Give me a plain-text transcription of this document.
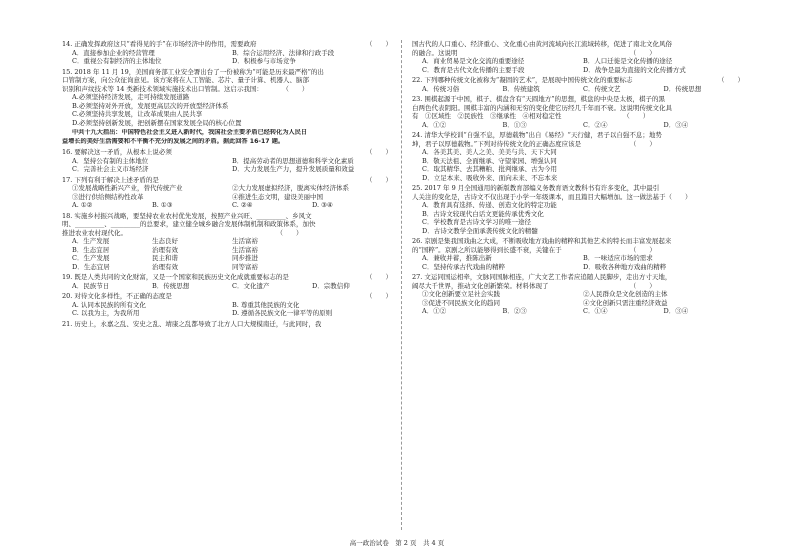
14. 正确发挥政府这只“看得见的手”在市场经济中的作用，需要政府	（　　）
A．直接参加企业的经营管理	B．综合运用经济、法律和行政手段
C．重视公有制经济的主体地位	D．积极参与市场竞争
15. 2018 年 11 月 19，美国商务部工业安全署出台了一份被称为“可能是历来最严格”的出
口管制方案，向公众征询意见。该方案将在人工智能、芯片、量子计算、机器人、脑部
识别和声纹技术等 14 类新技术领域实施技术出口管制。这启示我国：　　　　（　　）
A.必须坚持经济发展，走可持续发展道路
B.必须坚持对外开放，发展更高层次的开放型经济体系
C.必须坚持共享发展，让改革成果由人民共享
D.必须坚持创新发展，把创新摆在国家发展全局的核心位置
中共十九大指出：中国特色社会主义进入新时代，我国社会主要矛盾已经转化为人民日
益增长的美好生活需要和不平衡不充分的发展之间的矛盾。据此回答 16-17 题。
16. 要解决这一矛盾，从根本上说必须	（　　）
A．坚持公有制的主体地位	B．提高劳动者的思想道德和科学文化素质
C．完善社会主义市场经济	D．大力发展生产力，提升发展质量和效益
17. 下列有利于解决上述矛盾的是	（　　）
①发展战略性新兴产业，替代传统产业	②大力发展虚拟经济，脱离实体经济体系
③进行供给侧结构性改革	④推进生态文明，建设美丽中国
A. ①②	B. ①③	C. ②④	D. ③④
18. 实施乡村振兴战略，要坚持农业农村优先发展，按照产业兴旺、_________、乡风文
明、_________、_________的总要求，建立健全城乡融合发展体制机制和政策体系，加快
推进农业农村现代化。　　　　　　　　　　　　　　　　　　　　　　　　（　　）
A．生产发展	生态良好	生活富裕
B．生态宜居	治理有效	生活富裕
C．生产发展	民主和谐	同步推进
D．生态宜居	治理有效	同等富裕
19. 既是人类共同的文化财富，又是一个国家和民族历史文化成就重要标志的是	（　　）
A．民族节日	B．传统思想	C．文化遗产	D．宗教信仰
20. 对待文化多样性，不正确的态度是	（　　）
A. 认同本民族的所有文化	B. 尊重其他民族的文化
C. 以我为主，为我所用	D. 遵循各民族文化一律平等的原则
21. 历史上，永嘉之乱、安史之乱、靖康之乱都导致了北方人口大规模南迁，与此同时，我
国古代的人口重心、经济重心、文化重心由黄河流域向长江流域转移，促进了南北文化风俗
的融合。这说明　　　　　　　　　　　　　　　　　　　　　　　　　　　（　　）
A．商业贸易是文化交流的重要途径	B．人口迁徙是文化传播的途径
C．教育是古代文化传播的主要手段	D．战争是最为直接的文化传播方式
22. 下列哪种传统文化被称为“凝固的艺术”，是展现中国传统文化的重要标志	（　　）
A．传统习俗	B．传统建筑	C．传统文艺	D．传统思想
23. 围棋起源于中国，棋子、棋盘含有“天圆地方”的思想，棋盘的中央是太极，棋子的黑
白两色代表阴阳。围棋丰富的内涵和无穷的变化使它历经几千年而不衰。这说明传统文化具
有　①区域性　②民族性　③继承性　④相对稳定性　　　　　　　　　　（　　）
A．①②	B．①③	C．②④	D．③④
24. 清华大学校训“自强不息，厚德载物”出自《易经》“天行健，君子以自强不息；地势
坤，君子以厚德载物。”下列对待传统文化的正确态度应该是　　　　　　　　（　　）
A．各美其美、美人之美、美美与共、天下大同
B．敬天法祖、全面继承、守望家园、增强认同
C．取其精华、去其糟粕、批判继承、古为今用
D．立足本来、吸收外来、面向未来、不忘本来
25. 2017 年 9 月全国通用的新版教育部编义务教育语文教科书有许多变化，其中最引
人关注的变化是，古诗文不仅出现于小学一年级课本，而且篇目大幅增加。这一做法基于（　　）
A．教育具有选择、传递、创造文化的特定功能
B．古诗文较现代白话文更能传承优秀文化
C．学校教育是古诗文学习的唯一途径
D．古诗文教学全面承袭传统文化的精髓
26. 京剧是集我国戏曲之大成，不断吸收地方戏曲的精粹和其他艺术的特长而丰富发展起来
的“国粹”。京剧之所以能够得到长盛不衰，关键在于　　　　　　　　　　　（　　）
A．兼收并蓄，推陈出新	B．一味适应市场的需求
C．坚持传承古代戏曲的精粹	D．吸收各种地方戏曲的精粹
27. 文运同国运相牵，文脉同国脉相连，广大文艺工作者应追随人民脚步，走出方寸天地，
阔尽大千世界，推动文化创新繁荣。材料体现了　　　　　　　　　　　　　（　　）
①文化创新要立足社会实践	②人民群众是文化创造的主体
③促进不同民族文化的趋同	④文化创新只需注重经济效益
A．①②	B．②③	C．①④	D．③④
高一政治试卷　第 2 页　共 4 页
